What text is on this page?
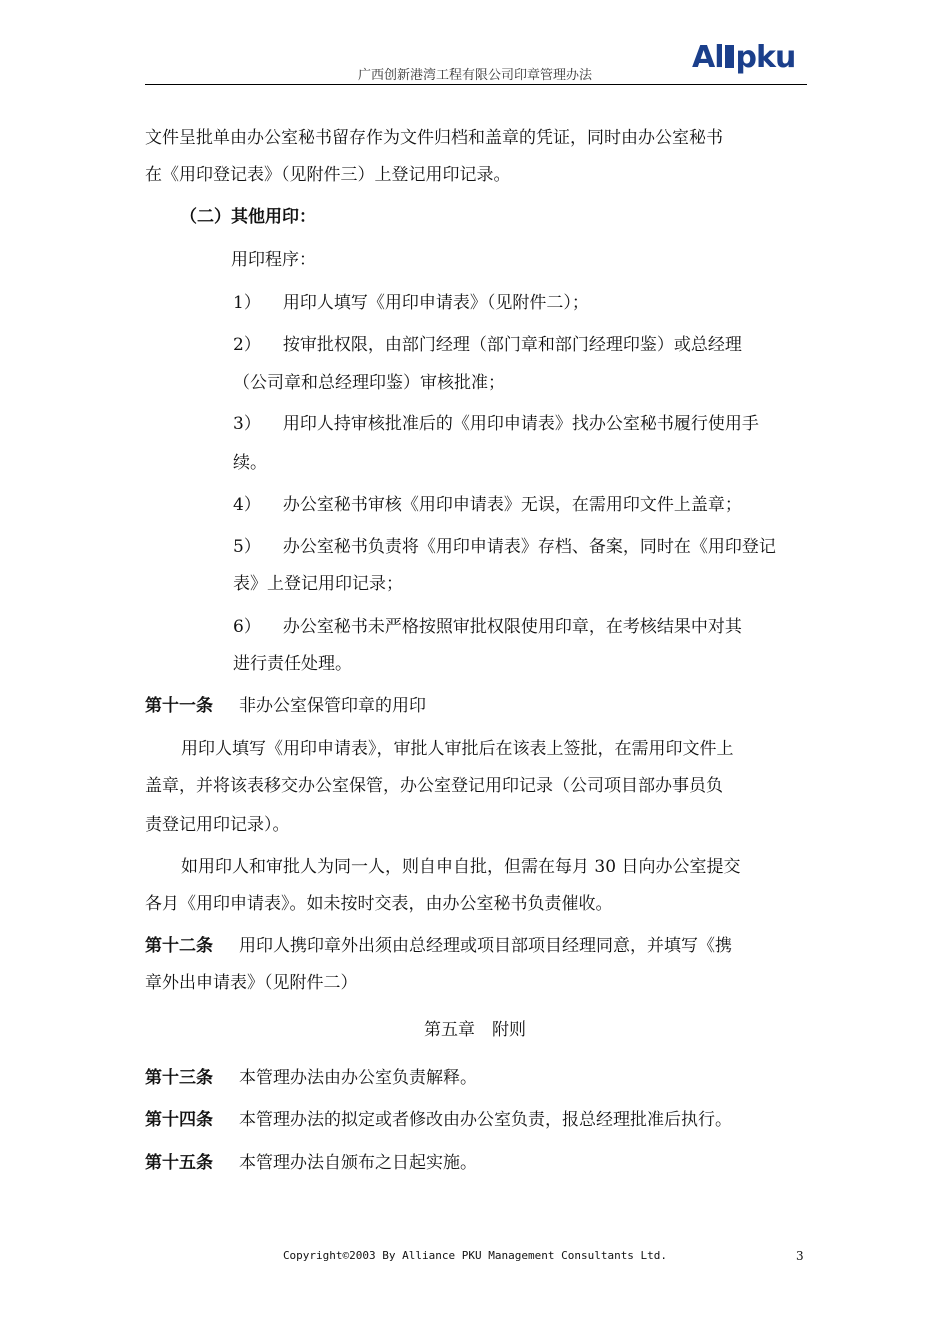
广西创新港湾工程有限公司印章管理办法
Al pku
文件呈批单由办公室秘书留存作为文件归档和盖章的凭证，同时由办公室秘书
在《用印登记表》（见附件三）上登记用印记录。
（二）其他用印：
用印程序：
1） 用印人填写《用印申请表》（见附件二）；
2） 按审批权限，由部门经理（部门章和部门经理印鉴）或总经理
（公司章和总经理印鉴）审核批准；
3） 用印人持审核批准后的《用印申请表》找办公室秘书履行使用手
续。
4） 办公室秘书审核《用印申请表》无误，在需用印文件上盖章；
5） 办公室秘书负责将《用印申请表》存档、备案，同时在《用印登记
表》上登记用印记录；
6） 办公室秘书未严格按照审批权限使用印章，在考核结果中对其
进行责任处理。
第十一条 非办公室保管印章的用印
用印人填写《用印申请表》，审批人审批后在该表上签批，在需用印文件上
盖章，并将该表移交办公室保管，办公室登记用印记录（公司项目部办事员负
责登记用印记录）。
如用印人和审批人为同一人，则自申自批，但需在每月 30 日向办公室提交
各月《用印申请表》。如未按时交表，由办公室秘书负责催收。
第十二条 用印人携印章外出须由总经理或项目部项目经理同意，并填写《携
章外出申请表》（见附件二）
第五章　附则
第十三条 本管理办法由办公室负责解释。
第十四条 本管理办法的拟定或者修改由办公室负责，报总经理批准后执行。
第十五条 本管理办法自颁布之日起实施。
Copyright©2003 By Alliance PKU Management Consultants Ltd.	3
